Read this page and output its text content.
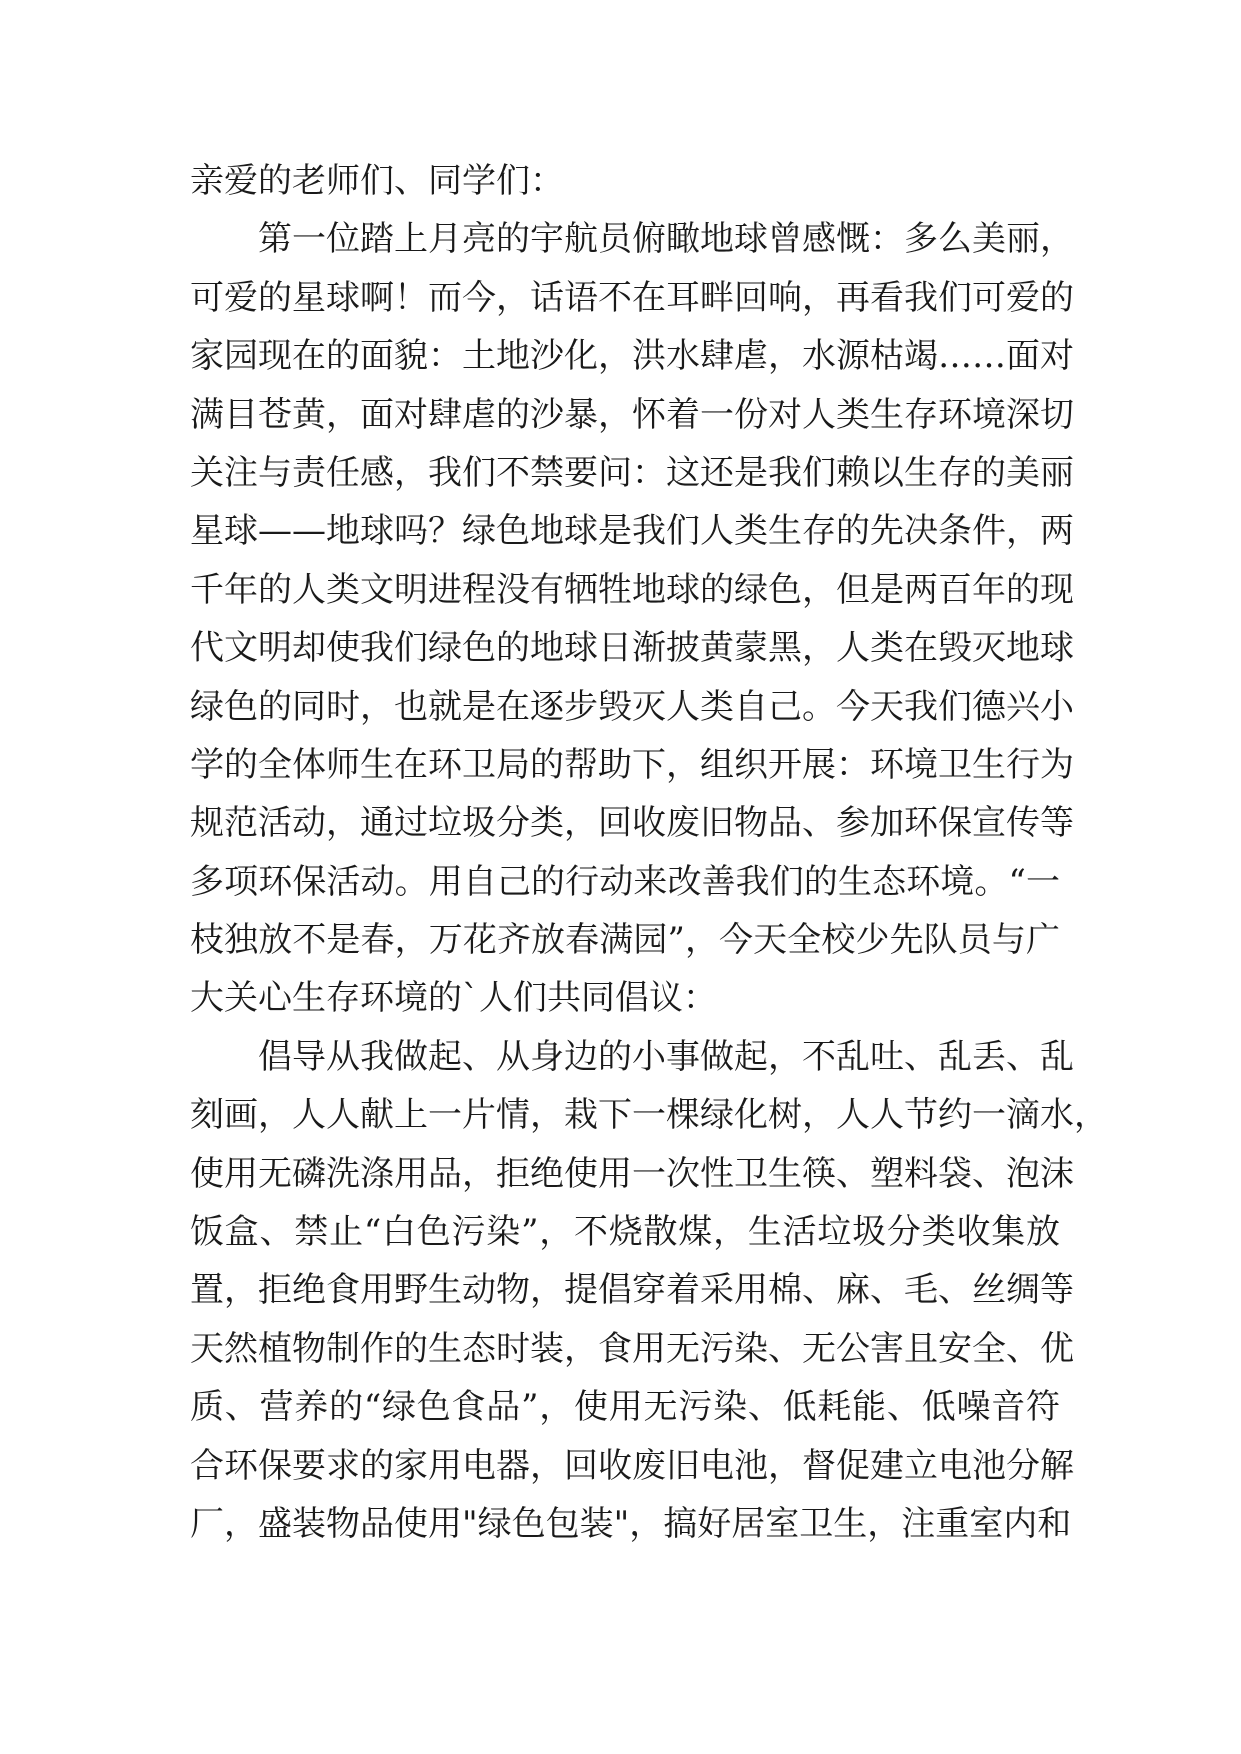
亲爱的老师们、同学们：
第一位踏上月亮的宇航员俯瞰地球曾感慨：多么美丽，
可爱的星球啊！而今，话语不在耳畔回响，再看我们可爱的
家园现在的面貌：土地沙化，洪水肆虐，水源枯竭……面对
满目苍黄，面对肆虐的沙暴，怀着一份对人类生存环境深切
关注与责任感，我们不禁要问：这还是我们赖以生存的美丽
星球——地球吗？绿色地球是我们人类生存的先决条件，两
千年的人类文明进程没有牺牲地球的绿色，但是两百年的现
代文明却使我们绿色的地球日渐披黄蒙黑，人类在毁灭地球
绿色的同时，也就是在逐步毁灭人类自己。今天我们德兴小
学的全体师生在环卫局的帮助下，组织开展：环境卫生行为
规范活动，通过垃圾分类，回收废旧物品、参加环保宣传等
多项环保活动。用自己的行动来改善我们的生态环境。“一
枝独放不是春，万花齐放春满园”，今天全校少先队员与广
大关心生存环境的`人们共同倡议：
倡导从我做起、从身边的小事做起，不乱吐、乱丢、乱
刻画，人人献上一片情，栽下一棵绿化树，人人节约一滴水，
使用无磷洗涤用品，拒绝使用一次性卫生筷、塑料袋、泡沫
饭盒、禁止“白色污染”，不烧散煤，生活垃圾分类收集放
置，拒绝食用野生动物，提倡穿着采用棉、麻、毛、丝绸等
天然植物制作的生态时装，食用无污染、无公害且安全、优
质、营养的“绿色食品”，使用无污染、低耗能、低噪音符
合环保要求的家用电器，回收废旧电池，督促建立电池分解
厂，盛装物品使用"绿色包装"，搞好居室卫生，注重室内和
